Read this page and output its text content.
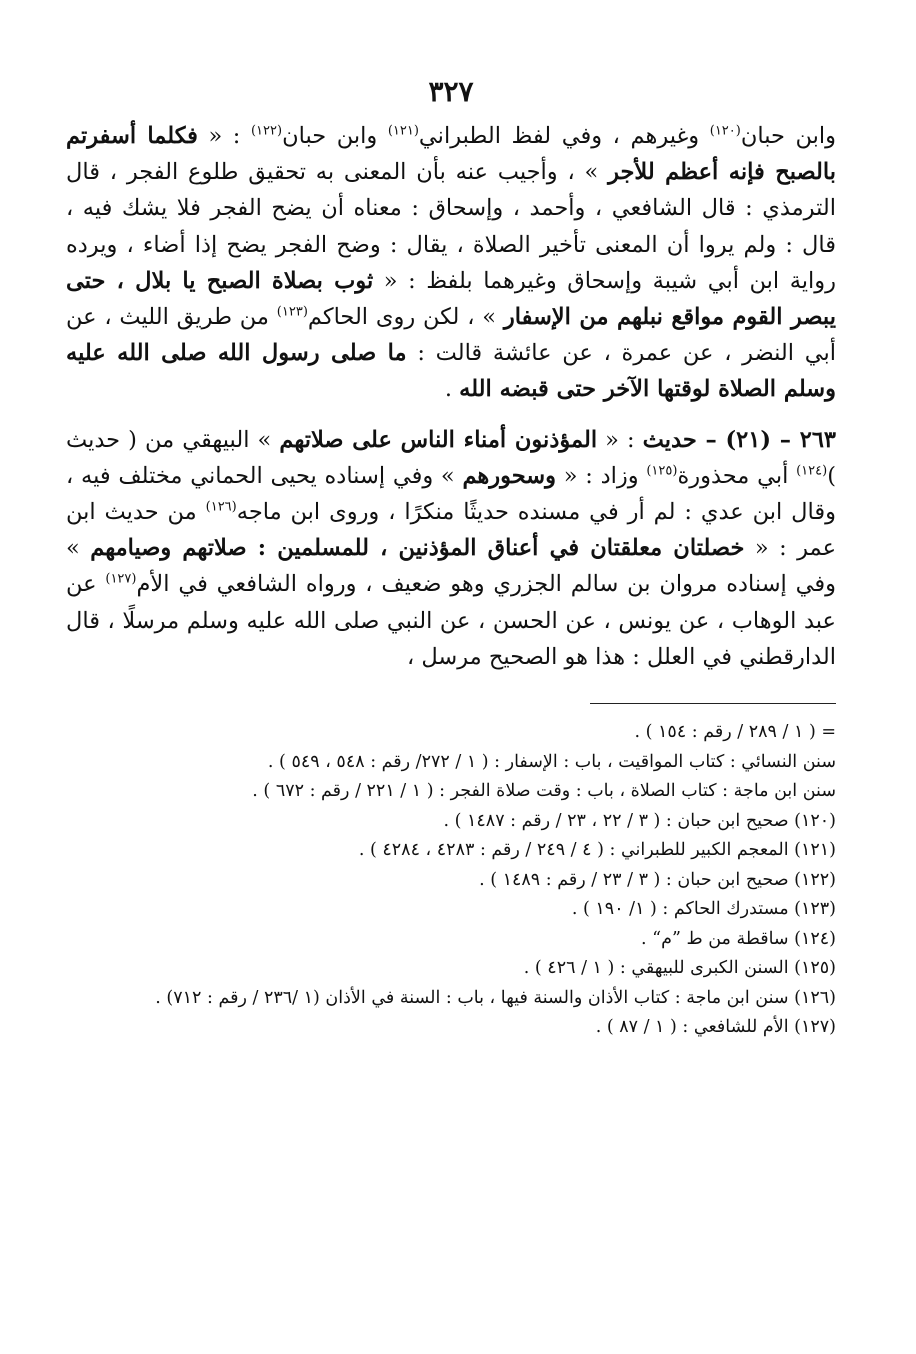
٣٢٧

وابن حبان$^{(١٢٠)}$ وغيرهم ، وفي لفظ الطبراني$^{(١٢١)}$ وابن حبان$^{(١٢٢)}$ : « فكلما أسفرتم بالصبح فإنه أعظم للأجر » ، وأجيب عنه بأن المعنى به تحقيق طلوع الفجر ، قال الترمذي : قال الشافعي ، وأحمد ، وإسحاق : معناه أن يضح الفجر فلا يشك فيه ، قال : ولم يروا أن المعنى تأخير الصلاة ، يقال : وضح الفجر يضح إذا أضاء ، ويرده رواية ابن أبي شيبة وإسحاق وغيرهما بلفظ : « ثوب بصلاة الصبح يا بلال ، حتى يبصر القوم مواقع نبلهم من الإسفار » ، لكن روى الحاكم$^{(١٢٣)}$ من طريق الليث ، عن أبي النضر ، عن عمرة ، عن عائشة قالت : ما صلى رسول الله صلى الله عليه وسلم الصلاة لوقتها الآخر حتى قبضه الله .

٢٦٣ – (٢١) – حديث : « المؤذنون أمناء الناس على صلاتهم » البيهقي من ( حديث )$^{(١٢٤)}$ أبي محذورة$^{(١٢٥)}$ وزاد : « وسحورهم » وفي إسناده يحيى الحماني مختلف فيه ، وقال ابن عدي : لم أر في مسنده حديثًا منكرًا ، وروى ابن ماجه$^{(١٢٦)}$ من حديث ابن عمر : « خصلتان معلقتان في أعناق المؤذنين ، للمسلمين : صلاتهم وصيامهم » وفي إسناده مروان بن سالم الجزري وهو ضعيف ، ورواه الشافعي في الأم$^{(١٢٧)}$ عن عبد الوهاب ، عن يونس ، عن الحسن ، عن النبي صلى الله عليه وسلم مرسلًا ، قال الدارقطني في العلل : هذا هو الصحيح مرسل ،

= ( ١ / ٢٨٩ / رقم : ١٥٤ ) .
سنن النسائي : كتاب المواقيت ، باب : الإسفار : ( ١ / ٢٧٢/ رقم : ٥٤٨ ، ٥٤٩ ) .
سنن ابن ماجة : كتاب الصلاة ، باب : وقت صلاة الفجر : ( ١ / ٢٢١ / رقم : ٦٧٢ ) .
(١٢٠) صحيح ابن حبان : ( ٣ / ٢٢ ، ٢٣ / رقم : ١٤٨٧ ) .
(١٢١) المعجم الكبير للطبراني : ( ٤ / ٢٤٩ / رقم : ٤٢٨٣ ، ٤٢٨٤ ) .
(١٢٢) صحيح ابن حبان : ( ٣ / ٢٣ / رقم : ١٤٨٩ ) .
(١٢٣) مستدرك الحاكم : ( ١/ ١٩٠ ) .
(١٢٤) ساقطة من ط ”م“ .
(١٢٥) السنن الكبرى للبيهقي : ( ١ / ٤٢٦ ) .
(١٢٦) سنن ابن ماجة : كتاب الأذان والسنة فيها ، باب : السنة في الأذان (١ /٢٣٦ / رقم : ٧١٢) .
(١٢٧) الأم للشافعي : ( ١ / ٨٧ ) .
